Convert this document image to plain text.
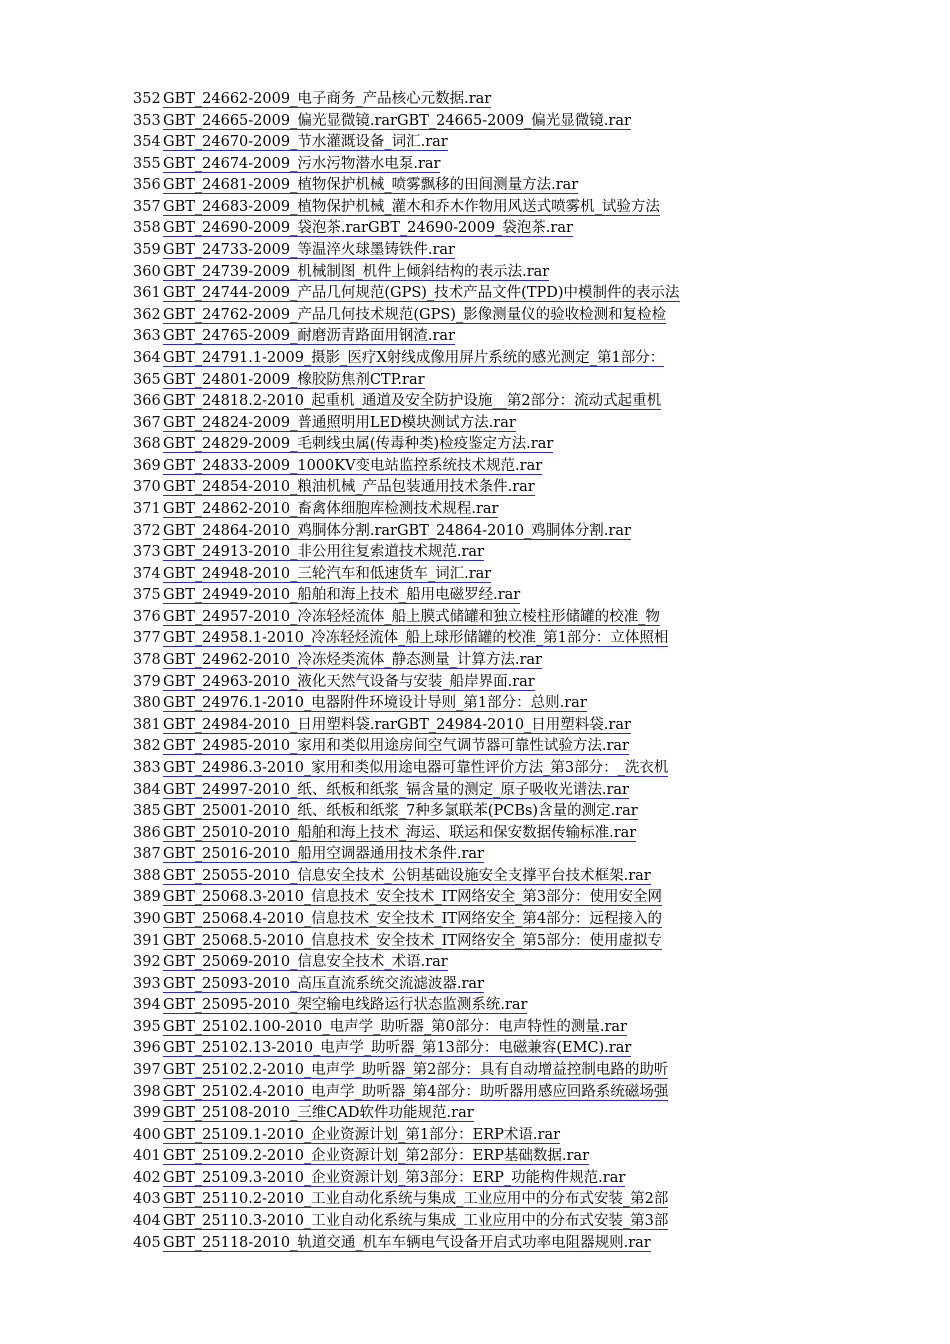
352 GBT_24662-2009_电子商务_产品核心元数据.rar
353 GBT_24665-2009_偏光显微镜.rarGBT_24665-2009_偏光显微镜.rar
354 GBT_24670-2009_节水灌溉设备_词汇.rar
355 GBT_24674-2009_污水污物潜水电泵.rar
356 GBT_24681-2009_植物保护机械_喷雾飘移的田间测量方法.rar
357 GBT_24683-2009_植物保护机械_灌木和乔木作物用风送式喷雾机_试验方法
358 GBT_24690-2009_袋泡茶.rarGBT_24690-2009_袋泡茶.rar
359 GBT_24733-2009_等温淬火球墨铸铁件.rar
360 GBT_24739-2009_机械制图_机件上倾斜结构的表示法.rar
361 GBT_24744-2009_产品几何规范(GPS)_技术产品文件(TPD)中模制件的表示法
362 GBT_24762-2009_产品几何技术规范(GPS)_影像测量仪的验收检测和复检检
363 GBT_24765-2009_耐磨沥青路面用钢渣.rar
364 GBT_24791.1-2009_摄影_医疗X射线成像用屏片系统的感光测定_第1部分：
365 GBT_24801-2009_橡胶防焦剂CTP.rar
366 GBT_24818.2-2010_起重机_通道及安全防护设施__第2部分：流动式起重机
367 GBT_24824-2009_普通照明用LED模块测试方法.rar
368 GBT_24829-2009_毛刺线虫属(传毒种类)检疫鉴定方法.rar
369 GBT_24833-2009_1000KV变电站监控系统技术规范.rar
370 GBT_24854-2010_粮油机械_产品包装通用技术条件.rar
371 GBT_24862-2010_畜禽体细胞库检测技术规程.rar
372 GBT_24864-2010_鸡胴体分割.rarGBT_24864-2010_鸡胴体分割.rar
373 GBT_24913-2010_非公用往复索道技术规范.rar
374 GBT_24948-2010_三轮汽车和低速货车_词汇.rar
375 GBT_24949-2010_船舶和海上技术_船用电磁罗经.rar
376 GBT_24957-2010_冷冻轻烃流体_船上膜式储罐和独立棱柱形储罐的校准_物
377 GBT_24958.1-2010_冷冻轻烃流体_船上球形储罐的校准_第1部分：立体照相
378 GBT_24962-2010_冷冻烃类流体_静态测量_计算方法.rar
379 GBT_24963-2010_液化天然气设备与安装_船岸界面.rar
380 GBT_24976.1-2010_电器附件环境设计导则_第1部分：总则.rar
381 GBT_24984-2010_日用塑料袋.rarGBT_24984-2010_日用塑料袋.rar
382 GBT_24985-2010_家用和类似用途房间空气调节器可靠性试验方法.rar
383 GBT_24986.3-2010_家用和类似用途电器可靠性评价方法_第3部分：_洗衣机
384 GBT_24997-2010_纸、纸板和纸浆_镉含量的测定_原子吸收光谱法.rar
385 GBT_25001-2010_纸、纸板和纸浆_7种多氯联苯(PCBs)含量的测定.rar
386 GBT_25010-2010_船舶和海上技术_海运、联运和保安数据传输标准.rar
387 GBT_25016-2010_船用空调器通用技术条件.rar
388 GBT_25055-2010_信息安全技术_公钥基础设施安全支撑平台技术框架.rar
389 GBT_25068.3-2010_信息技术_安全技术_IT网络安全_第3部分：使用安全网
390 GBT_25068.4-2010_信息技术_安全技术_IT网络安全_第4部分：远程接入的
391 GBT_25068.5-2010_信息技术_安全技术_IT网络安全_第5部分：使用虚拟专
392 GBT_25069-2010_信息安全技术_术语.rar
393 GBT_25093-2010_高压直流系统交流滤波器.rar
394 GBT_25095-2010_架空输电线路运行状态监测系统.rar
395 GBT_25102.100-2010_电声学_助听器_第0部分：电声特性的测量.rar
396 GBT_25102.13-2010_电声学_助听器_第13部分：电磁兼容(EMC).rar
397 GBT_25102.2-2010_电声学_助听器_第2部分：具有自动增益控制电路的助听
398 GBT_25102.4-2010_电声学_助听器_第4部分：助听器用感应回路系统磁场强
399 GBT_25108-2010_三维CAD软件功能规范.rar
400 GBT_25109.1-2010_企业资源计划_第1部分：ERP术语.rar
401 GBT_25109.2-2010_企业资源计划_第2部分：ERP基础数据.rar
402 GBT_25109.3-2010_企业资源计划_第3部分：ERP_功能构件规范.rar
403 GBT_25110.2-2010_工业自动化系统与集成_工业应用中的分布式安装_第2部
404 GBT_25110.3-2010_工业自动化系统与集成_工业应用中的分布式安装_第3部
405 GBT_25118-2010_轨道交通_机车车辆电气设备开启式功率电阻器规则.rar
